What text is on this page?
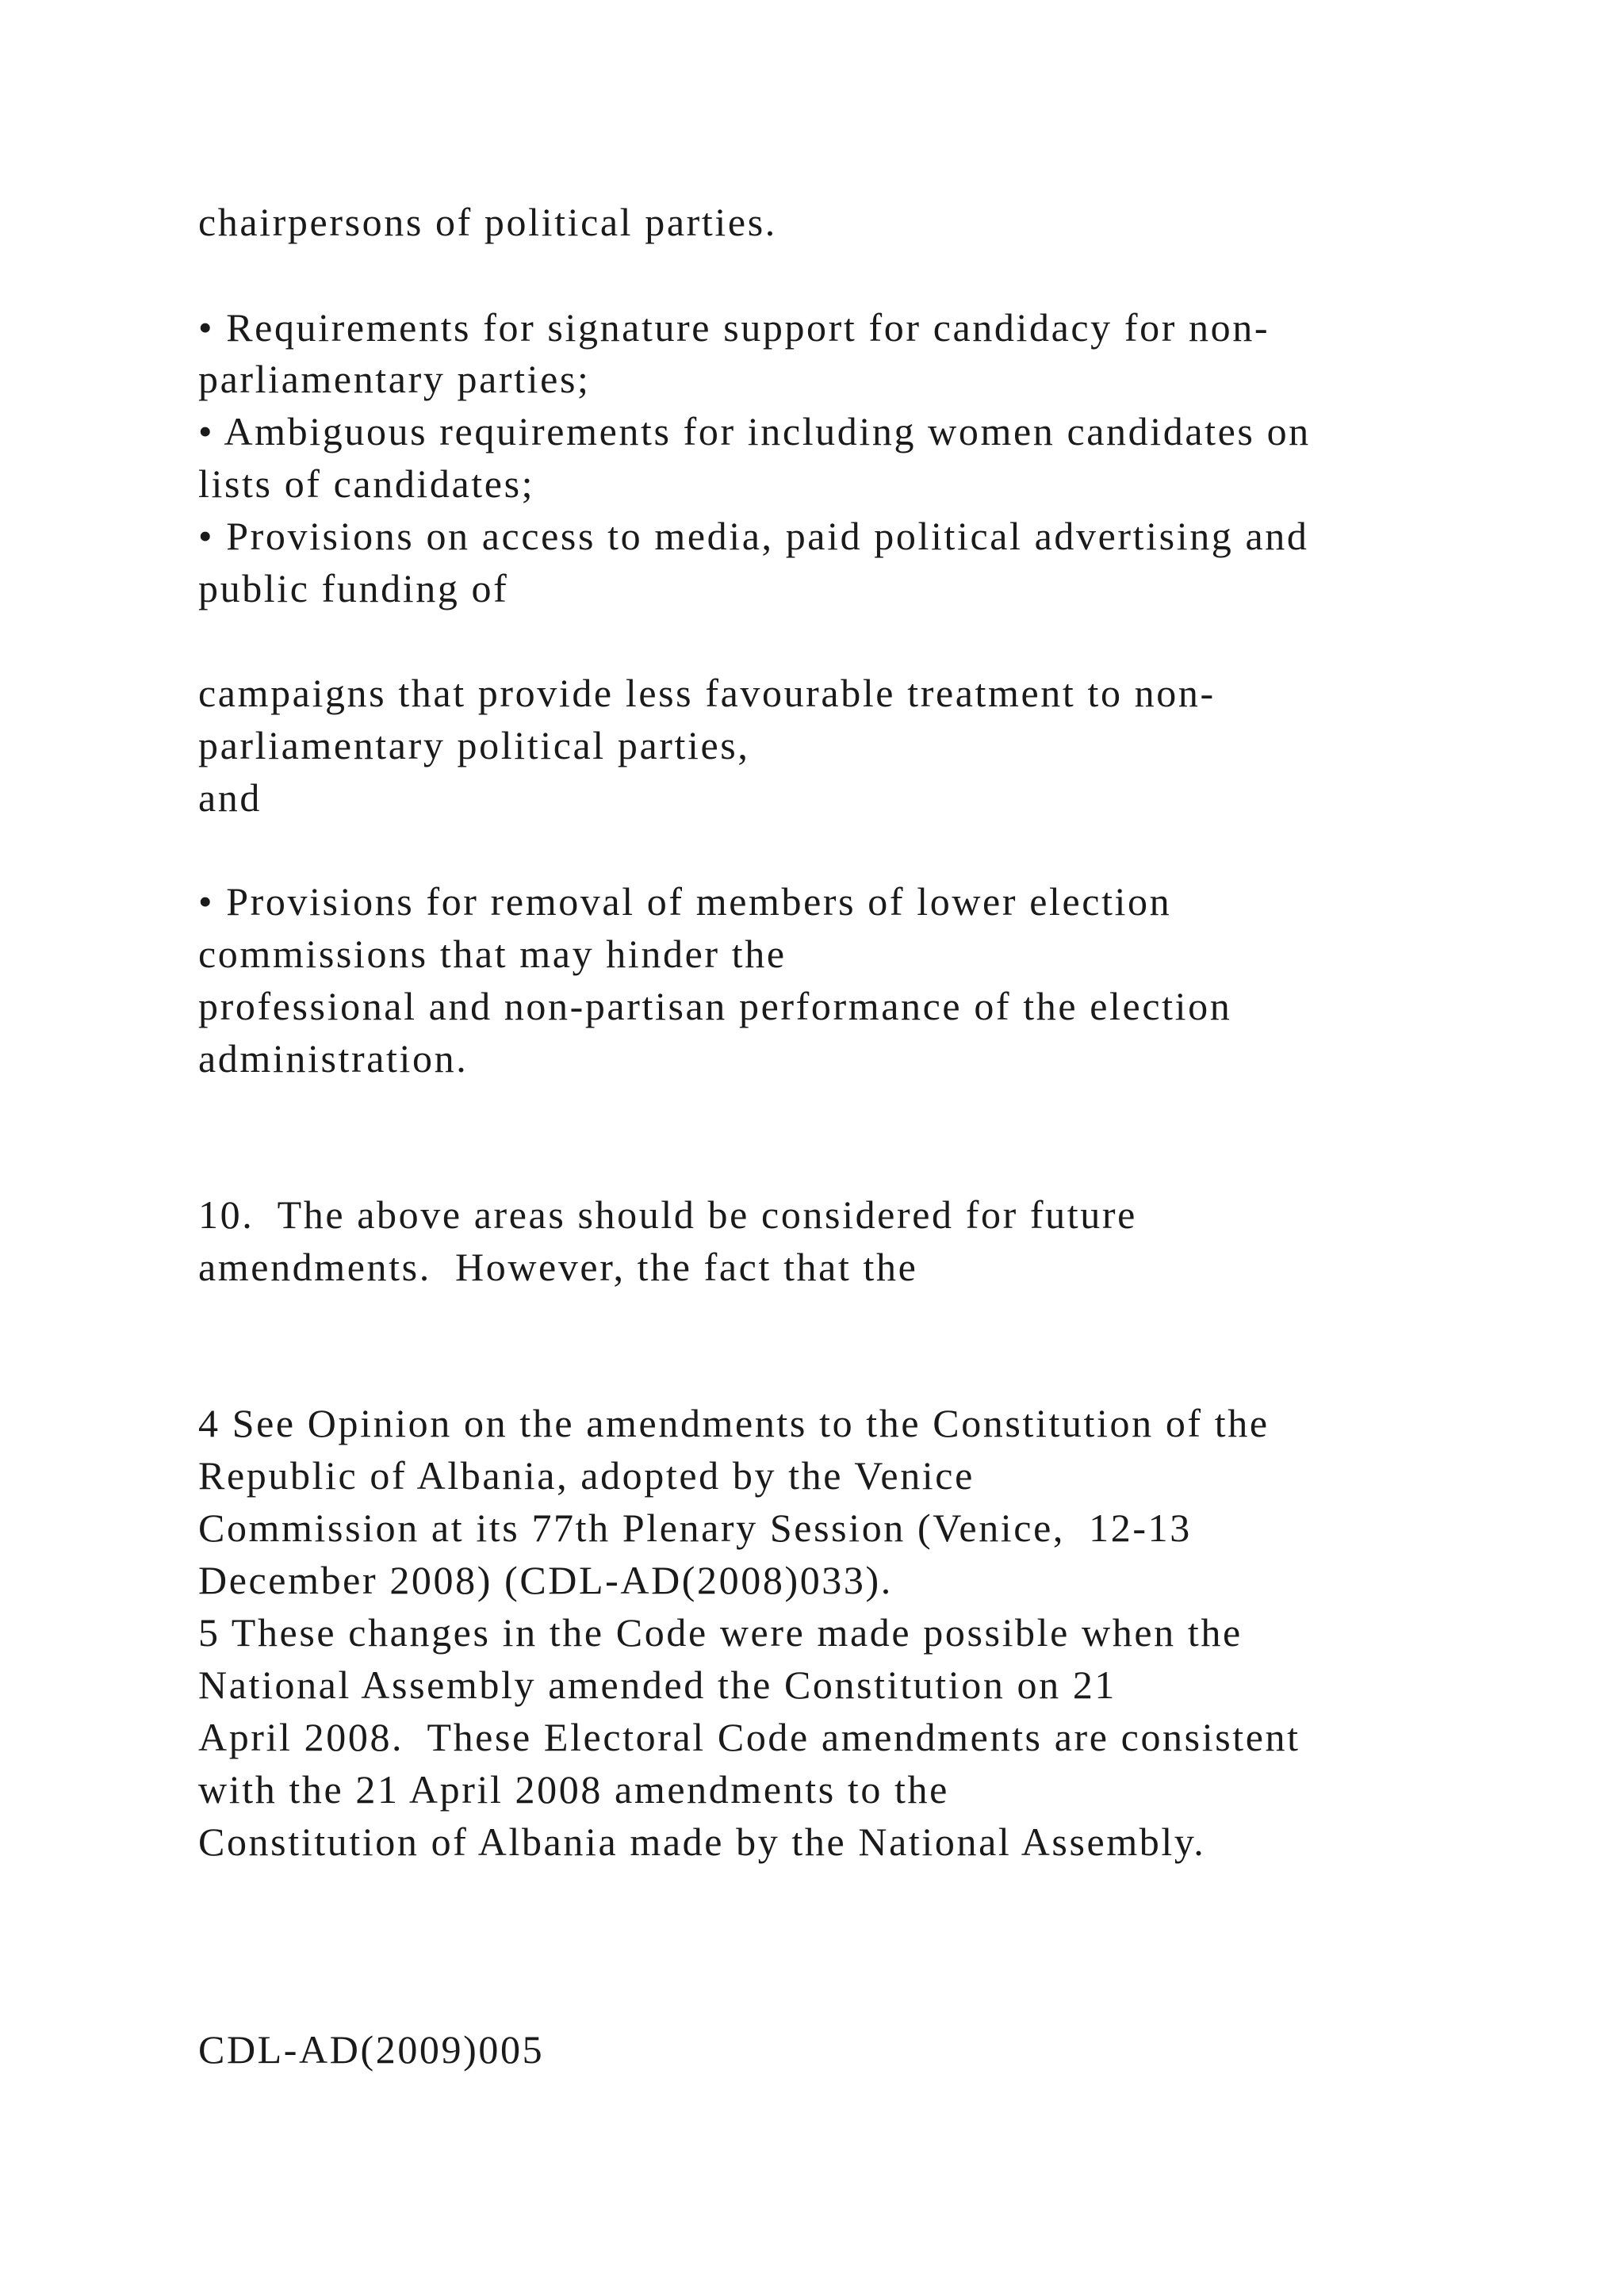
chairpersons of political parties.
• Requirements for signature support for candidacy for non-
parliamentary parties;
• Ambiguous requirements for including women candidates on
lists of candidates;
• Provisions on access to media, paid political advertising and
public funding of
campaigns that provide less favourable treatment to non-
parliamentary political parties,
and
• Provisions for removal of members of lower election
commissions that may hinder the
professional and non-partisan performance of the election
administration.
10.  The above areas should be considered for future
amendments.  However, the fact that the
4 See Opinion on the amendments to the Constitution of the
Republic of Albania, adopted by the Venice
Commission at its 77th Plenary Session (Venice,  12-13
December 2008) (CDL-AD(2008)033).
5 These changes in the Code were made possible when the
National Assembly amended the Constitution on 21
April 2008.  These Electoral Code amendments are consistent
with the 21 April 2008 amendments to the
Constitution of Albania made by the National Assembly.
CDL-AD(2009)005
